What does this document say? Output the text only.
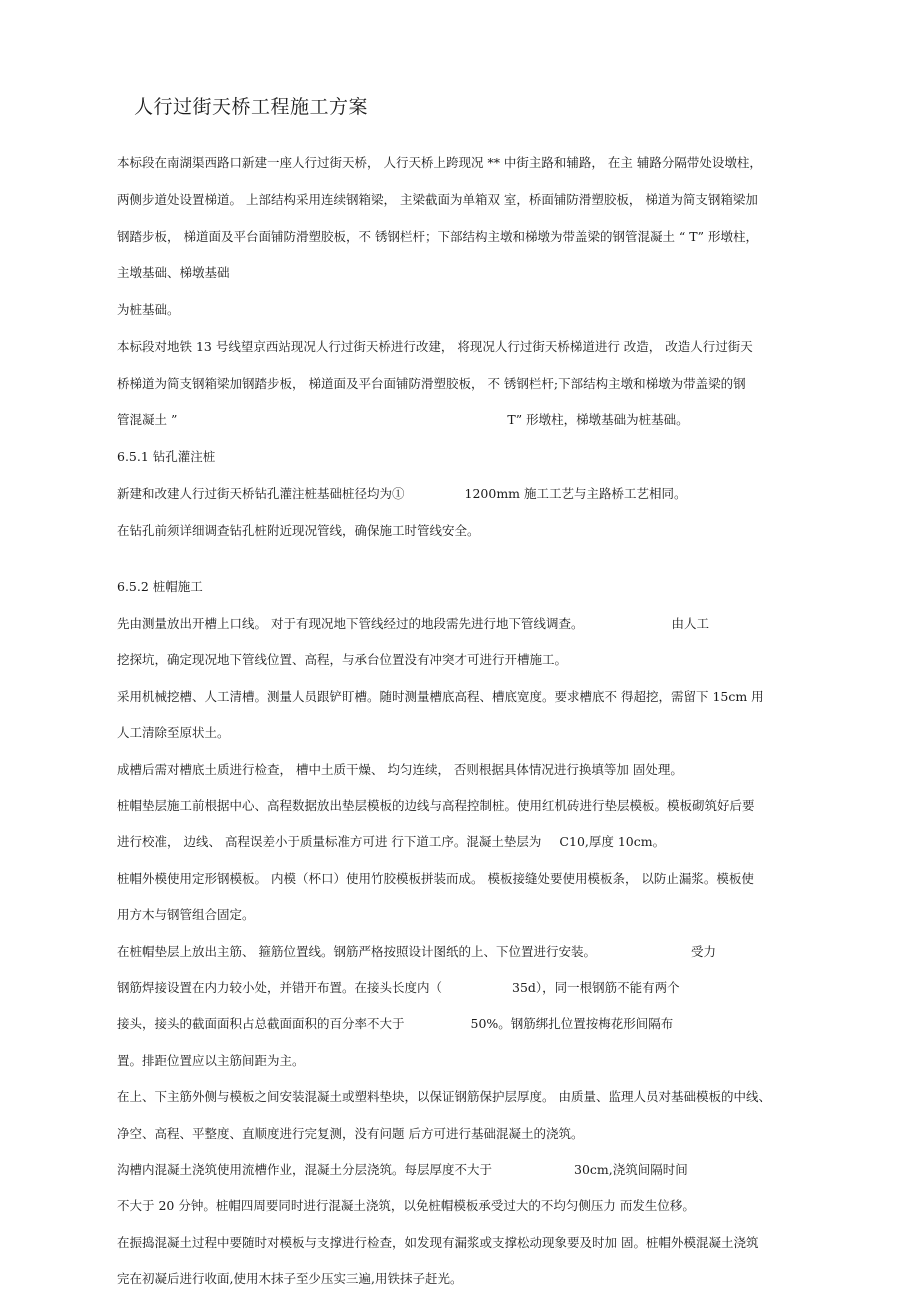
人行过街天桥工程施工方案
本标段在南湖渠西路口新建一座人行过街天桥， 人行天桥上跨现况 ** 中街主路和辅路， 在主 辅路分隔带处设墩柱，
两侧步道处设置梯道。 上部结构采用连续钢箱梁， 主梁截面为单箱双 室，桥面铺防滑塑胶板， 梯道为简支钢箱梁加
钢踏步板， 梯道面及平台面铺防滑塑胶板，不 锈钢栏杆；下部结构主墩和梯墩为带盖梁的钢管混凝土 “ T” 形墩柱，
主墩基础、梯墩基础
为桩基础。
本标段对地铁 13 号线望京西站现况人行过街天桥进行改建， 将现况人行过街天桥梯道进行 改造， 改造人行过街天
桥梯道为简支钢箱梁加钢踏步板， 梯道面及平台面铺防滑塑胶板， 不 锈钢栏杆;下部结构主墩和梯墩为带盖梁的钢
管混凝土 ”	T” 形墩柱，梯墩基础为桩基础。
6.5.1 钻孔灌注桩
新建和改建人行过街天桥钻孔灌注桩基础桩径均为①	1200mm 施工工艺与主路桥工艺相同。
在钻孔前须详细调查钻孔桩附近现况管线，确保施工时管线安全。
6.5.2 桩帽施工
先由测量放出开槽上口线。 对于有现况地下管线经过的地段需先进行地下管线调查。	由人工
挖探坑，确定现况地下管线位置、高程，与承台位置没有冲突才可进行开槽施工。
采用机械挖槽、人工清槽。测量人员跟铲盯槽。随时测量槽底高程、槽底宽度。要求槽底不 得超挖，需留下 15cm 用
人工清除至原状土。
成槽后需对槽底土质进行检查， 槽中土质干燥、 均匀连续， 否则根据具体情况进行换填等加 固处理。
桩帽垫层施工前根据中心、高程数据放出垫层模板的边线与高程控制桩。使用红机砖进行垫层模板。模板砌筑好后要
进行校准， 边线、 高程误差小于质量标准方可进 行下道工序。混凝土垫层为 C10,厚度 10cm。
桩帽外模使用定形钢模板。 内模（杯口）使用竹胶模板拼装而成。 模板接缝处要使用模板条， 以防止漏浆。模板使
用方木与钢管组合固定。
在桩帽垫层上放出主筋、 箍筋位置线。钢筋严格按照设计图纸的上、下位置进行安装。	受力
钢筋焊接设置在内力较小处，并错开布置。在接头长度内（	35d），同一根钢筋不能有两个
接头，接头的截面面积占总截面面积的百分率不大于	50%。钢筋绑扎位置按梅花形间隔布
置。排距位置应以主筋间距为主。
在上、下主筋外侧与模板之间安装混凝土或塑料垫块，以保证钢筋保护层厚度。 由质量、监理人员对基础模板的中线、
净空、高程、平整度、直顺度进行完复测，没有问题 后方可进行基础混凝土的浇筑。
沟槽内混凝土浇筑使用流槽作业，混凝土分层浇筑。每层厚度不大于	30cm,浇筑间隔时间
不大于 20 分钟。桩帽四周要同时进行混凝土浇筑，以免桩帽模板承受过大的不均匀侧压力 而发生位移。
在振捣混凝土过程中要随时对模板与支撑进行检查，如发现有漏浆或支撑松动现象要及时加 固。桩帽外模混凝土浇筑
完在初凝后进行收面,使用木抹子至少压实三遍,用铁抹子赶光。
